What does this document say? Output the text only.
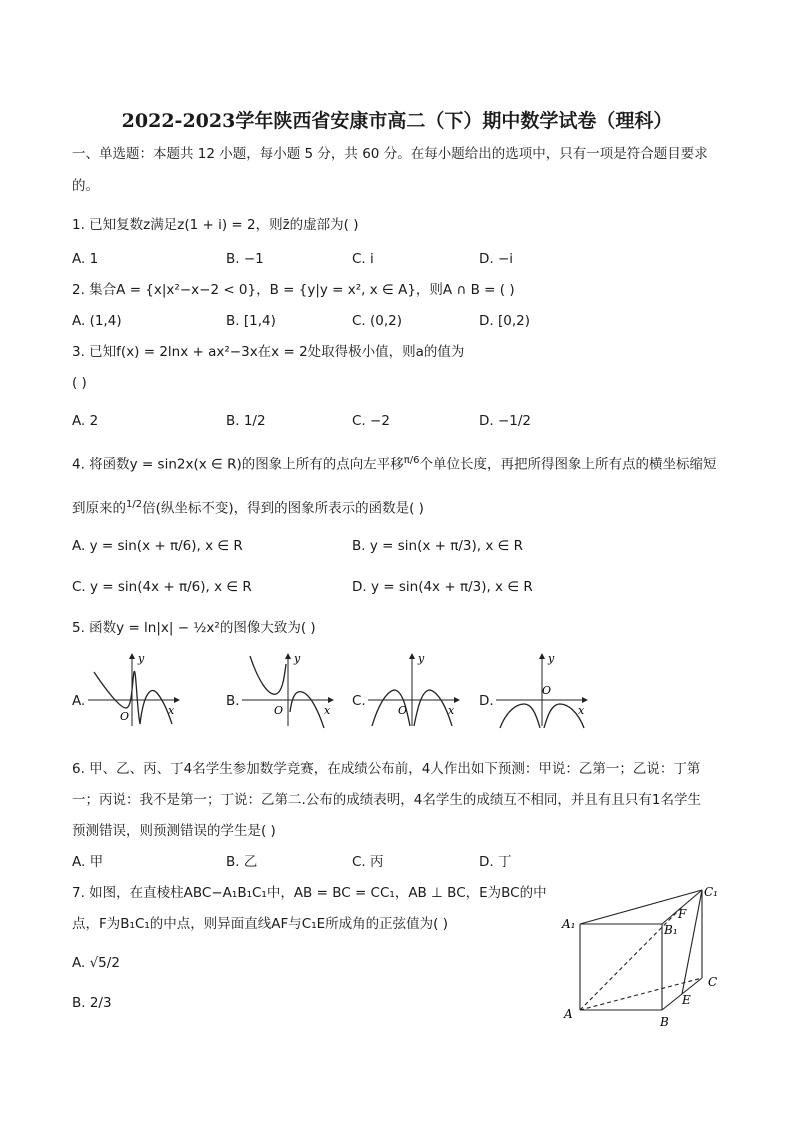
2022-2023学年陕西省安康市高二（下）期中数学试卷（理科）
一、单选题：本题共 12 小题，每小题 5 分，共 60 分。在每小题给出的选项中，只有一项是符合题目要求
的。
1. 已知复数z满足z(1 + i) = 2，则z̄的虚部为( )
A. 1	B. −1	C. i	D. −i
2. 集合A = {x|x²−x−2 < 0}，B = {y|y = x², x ∈ A}，则A ∩ B = ( )
A. (1,4)	B. [1,4)	C. (0,2)	D. [0,2)
3. 已知f(x) = 2lnx + ax²−3x在x = 2处取得极小值，则a的值为
( )
A. 2	B. 1/2	C. −2	D. −1/2
4. 将函数y = sin2x(x ∈ R)的图象上所有的点向左平移$^{\pi/6}$个单位长度，再把所得图象上所有点的横坐标缩短
到原来的$^{1/2}$倍(纵坐标不变)，得到的图象所表示的函数是( )
A. y = sin(x + π/6), x ∈ R	B. y = sin(x + π/3), x ∈ R
C. y = sin(4x + π/6), x ∈ R	D. y = sin(4x + π/3), x ∈ R
5. 函数y = ln|x| − ½x²的图像大致为( )
A.	B.	C.	D.
y
x
O
y
x
O
y
x
O
y
x
O
6. 甲、乙、丙、丁4名学生参加数学竞赛，在成绩公布前，4人作出如下预测：甲说：乙第一；乙说：丁第
一；丙说：我不是第一；丁说：乙第二.公布的成绩表明，4名学生的成绩互不相同，并且有且只有1名学生
预测错误，则预测错误的学生是( )
A. 甲	B. 乙	C. 丙	D. 丁
7. 如图，在直棱柱ABC−A₁B₁C₁中，AB = BC = CC₁，AB ⊥ BC，E为BC的中
点，F为B₁C₁的中点，则异面直线AF与C₁E所成角的正弦值为( )
A. √5/2
B. 2/3
A₁	B₁
C₁
F
C
E
A
B
